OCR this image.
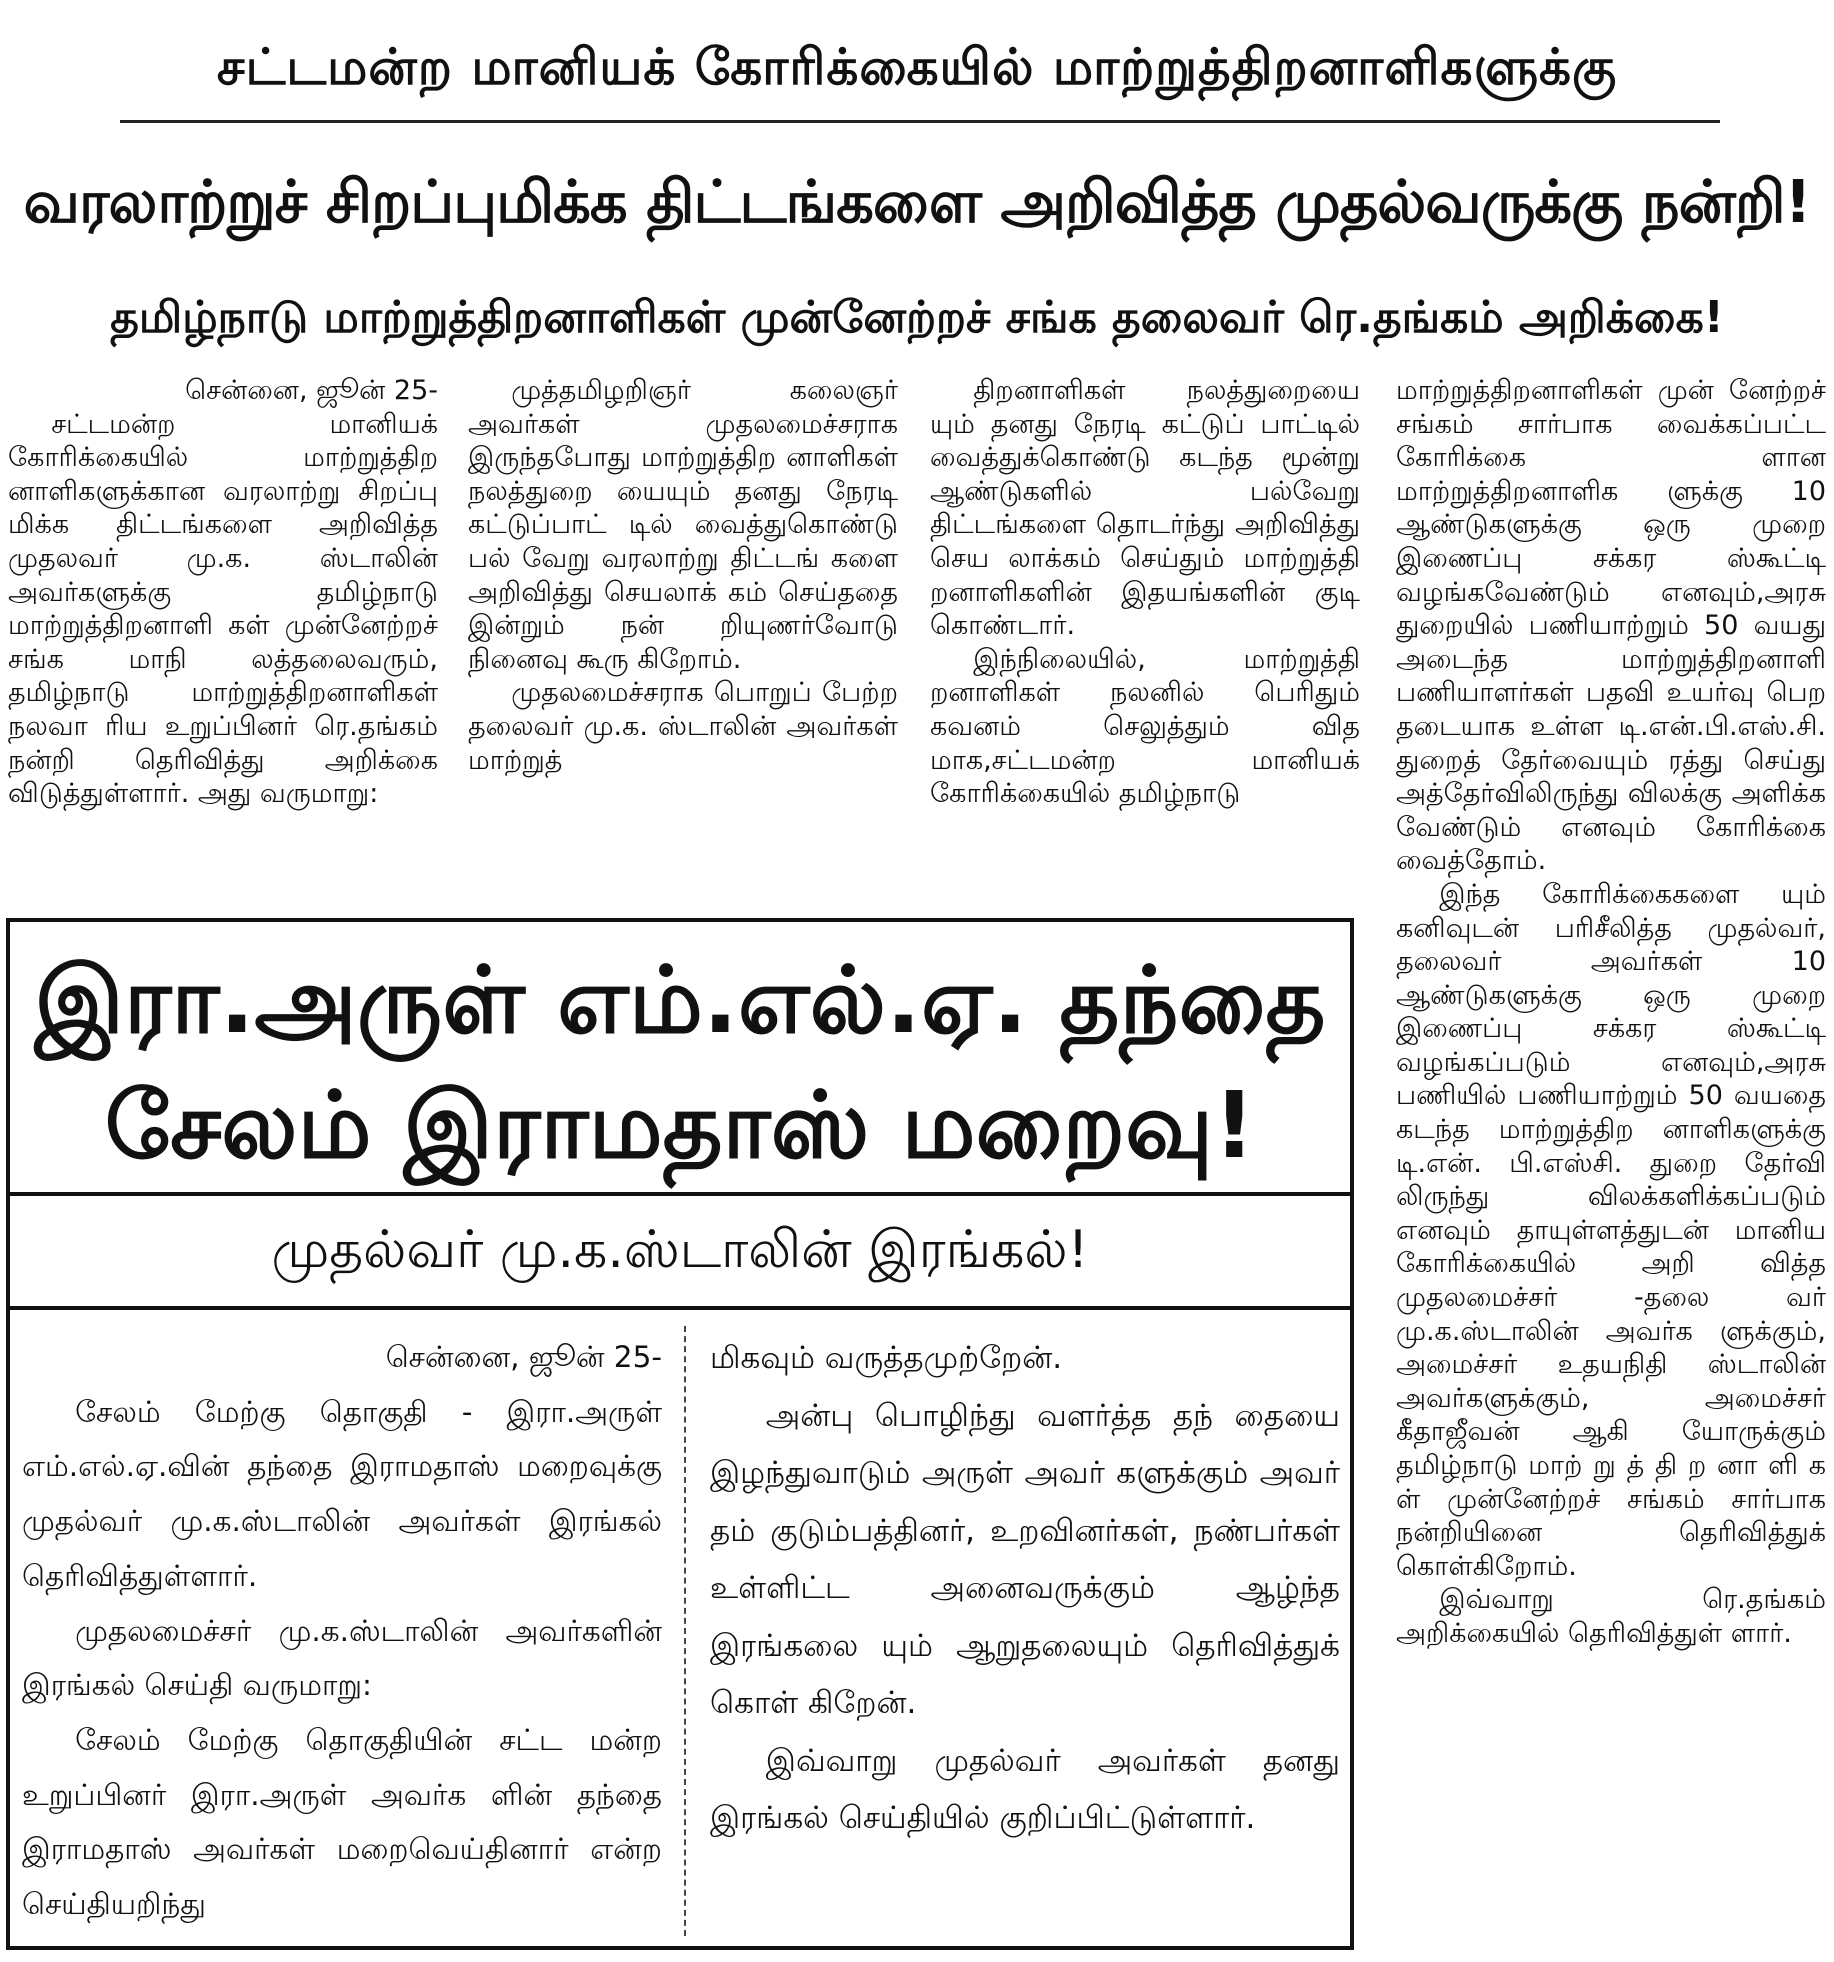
சட்டமன்ற மானியக் கோரிக்கையில் மாற்றுத்திறனாளிகளுக்கு
வரலாற்றுச் சிறப்புமிக்க திட்டங்களை அறிவித்த முதல்வருக்கு நன்றி!
தமிழ்நாடு மாற்றுத்திறனாளிகள் முன்னேற்றச் சங்க தலைவர் ரெ.தங்கம் அறிக்கை!

சென்னை, ஜூன் 25-

சட்டமன்ற மானியக் கோரிக்கையில் மாற்றுத்திற னாளிகளுக்கான வரலாற்று சிறப்பு மிக்க திட்டங்களை அறிவித்த முதலவர் மு.க. ஸ்டாலின் அவர்களுக்கு தமிழ்நாடு மாற்றுத்திறனாளி கள் முன்னேற்றச் சங்க மாநி லத்தலைவரும், தமிழ்நாடு மாற்றுத்திறனாளிகள் நலவா ரிய உறுப்பினர் ரெ.தங்கம் நன்றி தெரிவித்து அறிக்கை விடுத்துள்ளார். அது வருமாறு:

முத்தமிழறிஞர் கலைஞர் அவர்கள் முதலமைச்சராக இருந்தபோது மாற்றுத்திற னாளிகள் நலத்துறை யையும் தனது நேரடி கட்டுப்பாட் டில் வைத்துகொண்டு பல் வேறு வரலாற்று திட்டங் களை அறிவித்து செயலாக் கம் செய்ததை இன்றும் நன் றியுணர்வோடு நினைவு கூரு கிறோம்.

முதலமைச்சராக பொறுப் பேற்ற தலைவர் மு.க. ஸ்டாலின் அவர்கள் மாற்றுத்

திறனாளிகள் நலத்துறையை யும் தனது நேரடி கட்டுப் பாட்டில் வைத்துக்கொண்டு கடந்த மூன்று ஆண்டுகளில் பல்வேறு திட்டங்களை தொடர்ந்து அறிவித்து செய லாக்கம் செய்தும் மாற்றுத்தி றனாளிகளின் இதயங்களின் குடி கொண்டார்.

இந்நிலையில், மாற்றுத்தி றனாளிகள் நலனில் பெரிதும் கவனம் செலுத்தும் வித மாக,சட்டமன்ற மானியக் கோரிக்கையில் தமிழ்நாடு

மாற்றுத்திறனாளிகள் முன் னேற்றச் சங்கம் சார்பாக வைக்கப்பட்ட கோரிக்கை ளான மாற்றுத்திறனாளிக ளுக்கு 10 ஆண்டுகளுக்கு ஒரு முறை இணைப்பு சக்கர ஸ்கூட்டி வழங்கவேண்டும் எனவும்,அரசு துறையில் பணியாற்றும் 50 வயது அடைந்த மாற்றுத்திறனாளி பணியாளர்கள் பதவி உயர்வு பெற தடையாக உள்ள டி.என்.பி.எஸ்.சி. துறைத் தேர்வையும் ரத்து செய்து அத்தேர்விலிருந்து விலக்கு அளிக்க வேண்டும் எனவும் கோரிக்கை வைத்தோம்.

இந்த கோரிக்கைகளை யும் கனிவுடன் பரிசீலித்த முதல்வர், தலைவர் அவர்கள் 10 ஆண்டுகளுக்கு ஒரு முறை இணைப்பு சக்கர ஸ்கூட்டி வழங்கப்படும் எனவும்,அரசு பணியில் பணியாற்றும் 50 வயதை கடந்த மாற்றுத்திற னாளிகளுக்கு டி.என். பி.எஸ்சி. துறை தேர்வி லிருந்து விலக்களிக்கப்படும் எனவும் தாயுள்ளத்துடன் மானிய கோரிக்கையில் அறி வித்த முதலமைச்சர் -தலை வர் மு.க.ஸ்டாலின் அவர்க ளுக்கும், அமைச்சர் உதயநிதி ஸ்டாலின் அவர்களுக்கும், அமைச்சர் கீதாஜீவன் ஆகி யோருக்கும் தமிழ்நாடு மாற் று த் தி ற னா ளி க ள் முன்னேற்றச் சங்கம் சார்பாக நன்றியினை தெரிவித்துக் கொள்கிறோம்.

இவ்வாறு ரெ.தங்கம் அறிக்கையில் தெரிவித்துள் ளார்.

இரா.அருள் எம்.எல்.ஏ. தந்தை
சேலம் இராமதாஸ் மறைவு!
முதல்வர் மு.க.ஸ்டாலின் இரங்கல்!

சென்னை, ஜூன் 25-

சேலம் மேற்கு தொகுதி - இரா.அருள் எம்.எல்.ஏ.வின் தந்தை இராமதாஸ் மறைவுக்கு முதல்வர் மு.க.ஸ்டாலின் அவர்கள் இரங்கல் தெரிவித்துள்ளார்.

முதலமைச்சர் மு.க.ஸ்டாலின் அவர்களின் இரங்கல் செய்தி வருமாறு:

சேலம் மேற்கு தொகுதியின் சட்ட மன்ற உறுப்பினர் இரா.அருள் அவர்க ளின் தந்தை இராமதாஸ் அவர்கள் மறைவெய்தினார் என்ற செய்தியறிந்து

மிகவும் வருத்தமுற்றேன்.

அன்பு பொழிந்து வளர்த்த தந் தையை இழந்துவாடும் அருள் அவர் களுக்கும் அவர் தம் குடும்பத்தினர், உறவினர்கள், நண்பர்கள் உள்ளிட்ட அனைவருக்கும் ஆழ்ந்த இரங்கலை யும் ஆறுதலையும் தெரிவித்துக் கொள் கிறேன்.

இவ்வாறு முதல்வர் அவர்கள் தனது இரங்கல் செய்தியில் குறிப்பிட்டுள்ளார்.
